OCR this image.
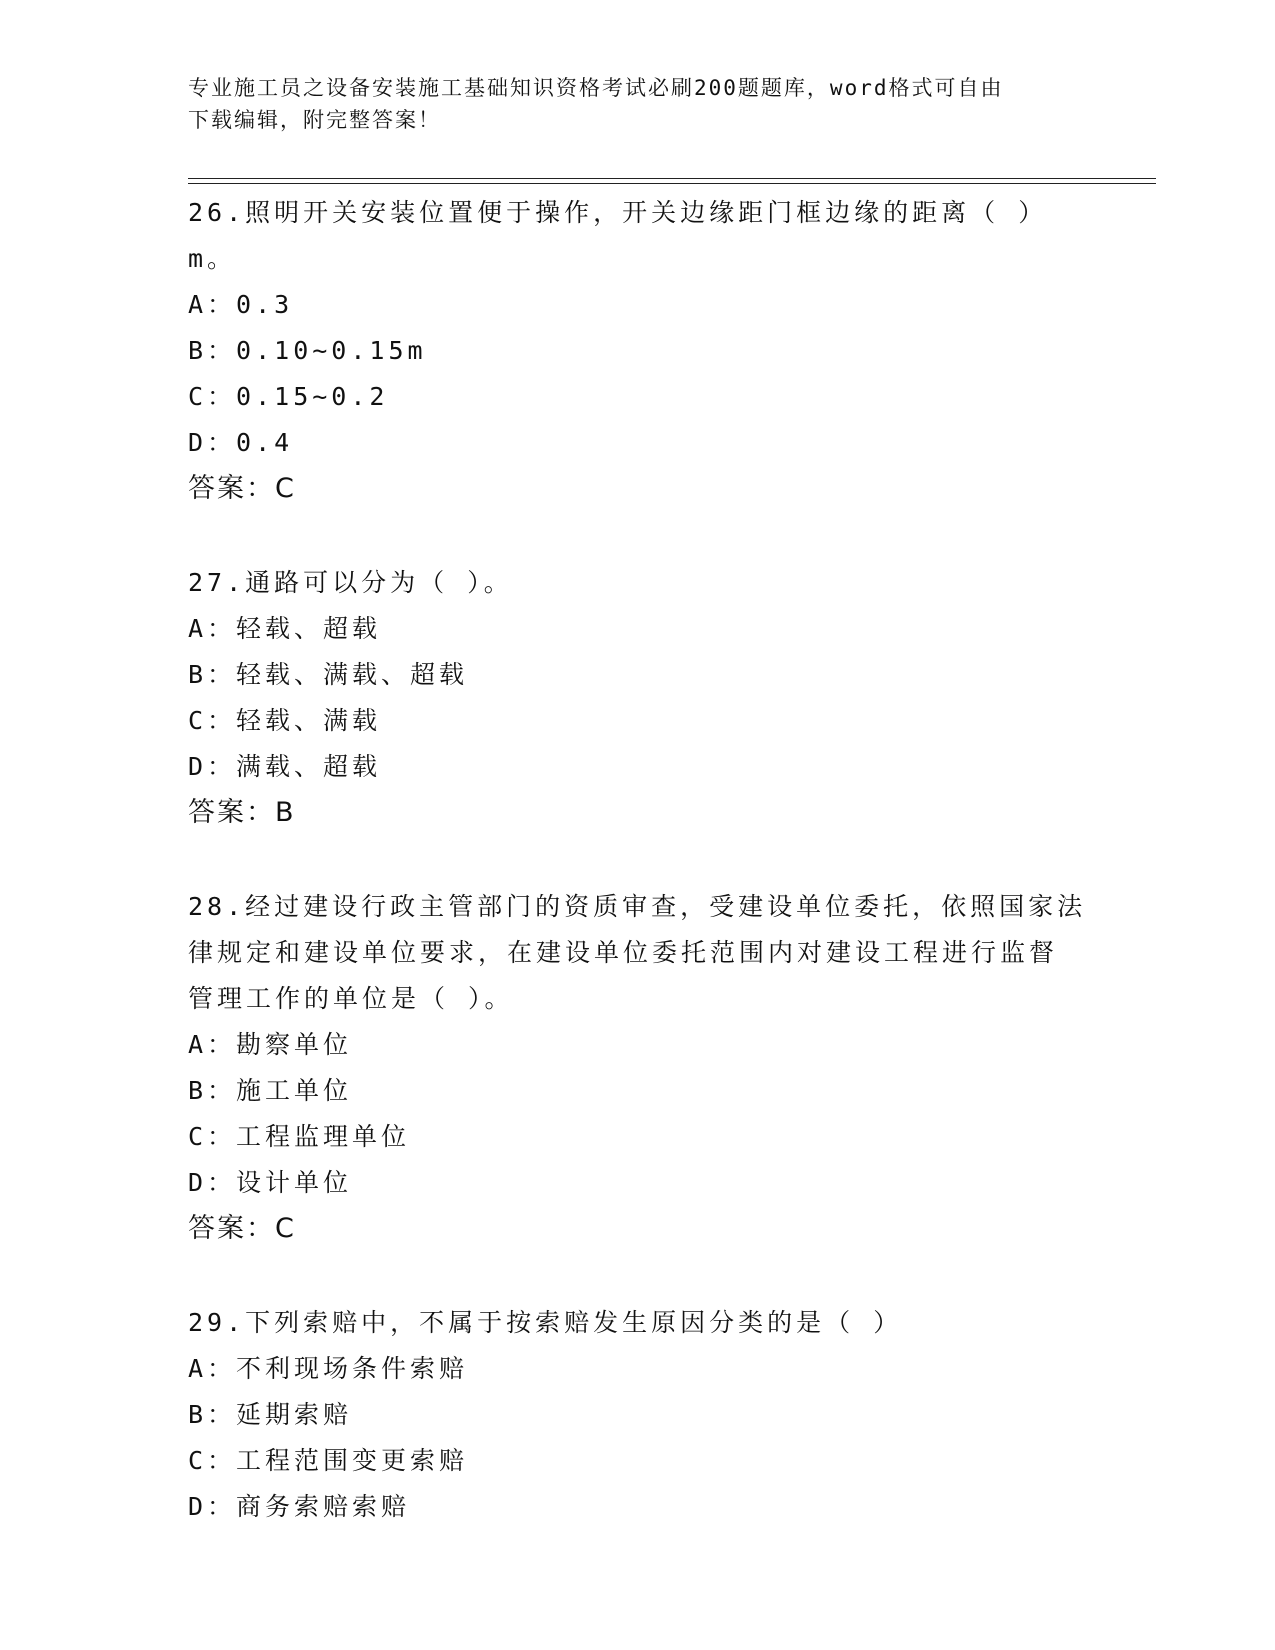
专业施工员之设备安装施工基础知识资格考试必刷200题题库，word格式可自由
下载编辑，附完整答案！

26.照明开关安装位置便于操作，开关边缘距门框边缘的距离（ ）m。

A：0.3

B：0.10~0.15m

C：0.15~0.2

D：0.4

答案：C

27.通路可以分为（ ）。

A：轻载、超载

B：轻载、满载、超载

C：轻载、满载

D：满载、超载

答案：B

28.经过建设行政主管部门的资质审查，受建设单位委托，依照国家法

律规定和建设单位要求，在建设单位委托范围内对建设工程进行监督

管理工作的单位是（ ）。

A：勘察单位

B：施工单位

C：工程监理单位

D：设计单位

答案：C

29.下列索赔中，不属于按索赔发生原因分类的是（ ）

A：不利现场条件索赔

B：延期索赔

C：工程范围变更索赔

D：商务索赔索赔
